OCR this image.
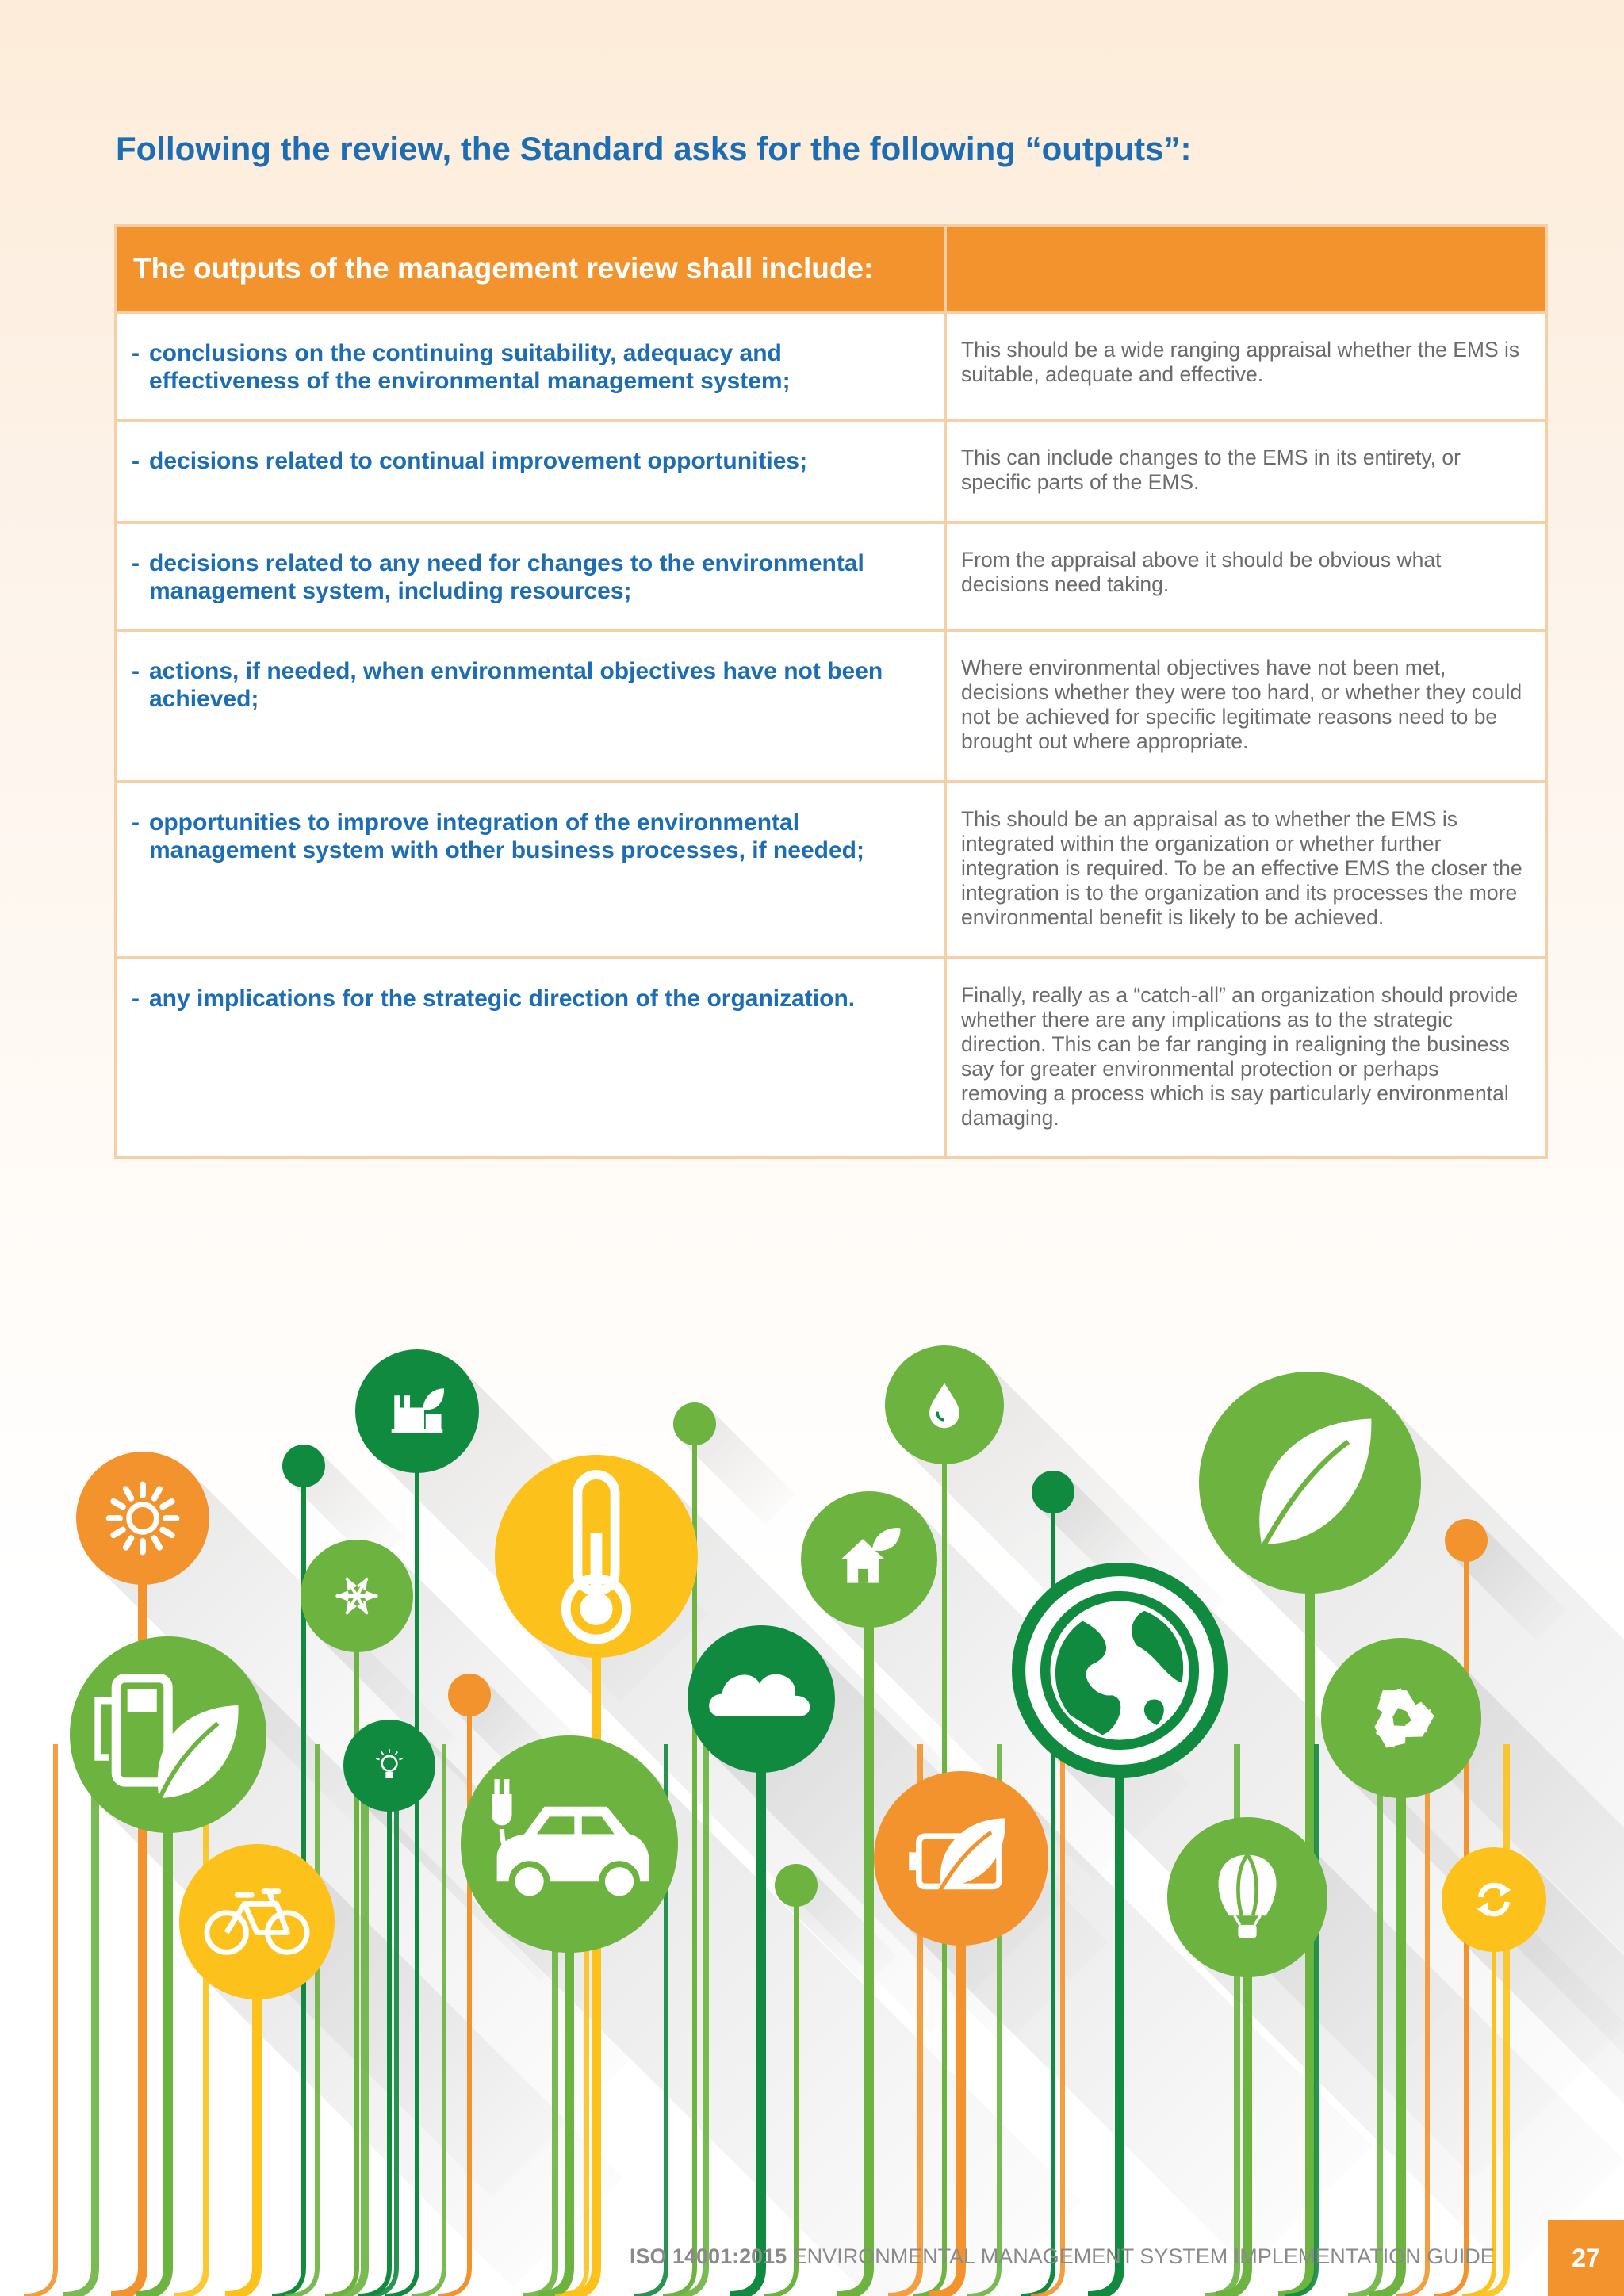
Following the review, the Standard asks for the following “outputs”:
The outputs of the management review shall include:	

- conclusions on the continuing suitability, adequacy and effectiveness of the environmental management system;	This should be a wide ranging appraisal whether the EMS is suitable, adequate and effective.

- decisions related to continual improvement opportunities;	This can include changes to the EMS in its entirety, or specific parts of the EMS.

- decisions related to any need for changes to the environmental management system, including resources;	From the appraisal above it should be obvious what decisions need taking.

- actions, if needed, when environmental objectives have not been achieved;	Where environmental objectives have not been met, decisions whether they were too hard, or whether they could not be achieved for specific legitimate reasons need to be brought out where appropriate.

- opportunities to improve integration of the environmental management system with other business processes, if needed;	This should be an appraisal as to whether the EMS is integrated within the organization or whether further integration is required. To be an effective EMS the closer the integration is to the organization and its processes the more environmental benefit is likely to be achieved.

- any implications for the strategic direction of the organization.	Finally, really as a “catch-all” an organization should provide whether there are any implications as to the strategic direction. This can be far ranging in realigning the business say for greater environmental protection or perhaps removing a process which is say particularly environmental damaging.
ISO 14001:2015 ENVIRONMENTAL MANAGEMENT SYSTEM IMPLEMENTATION GUIDE	27
